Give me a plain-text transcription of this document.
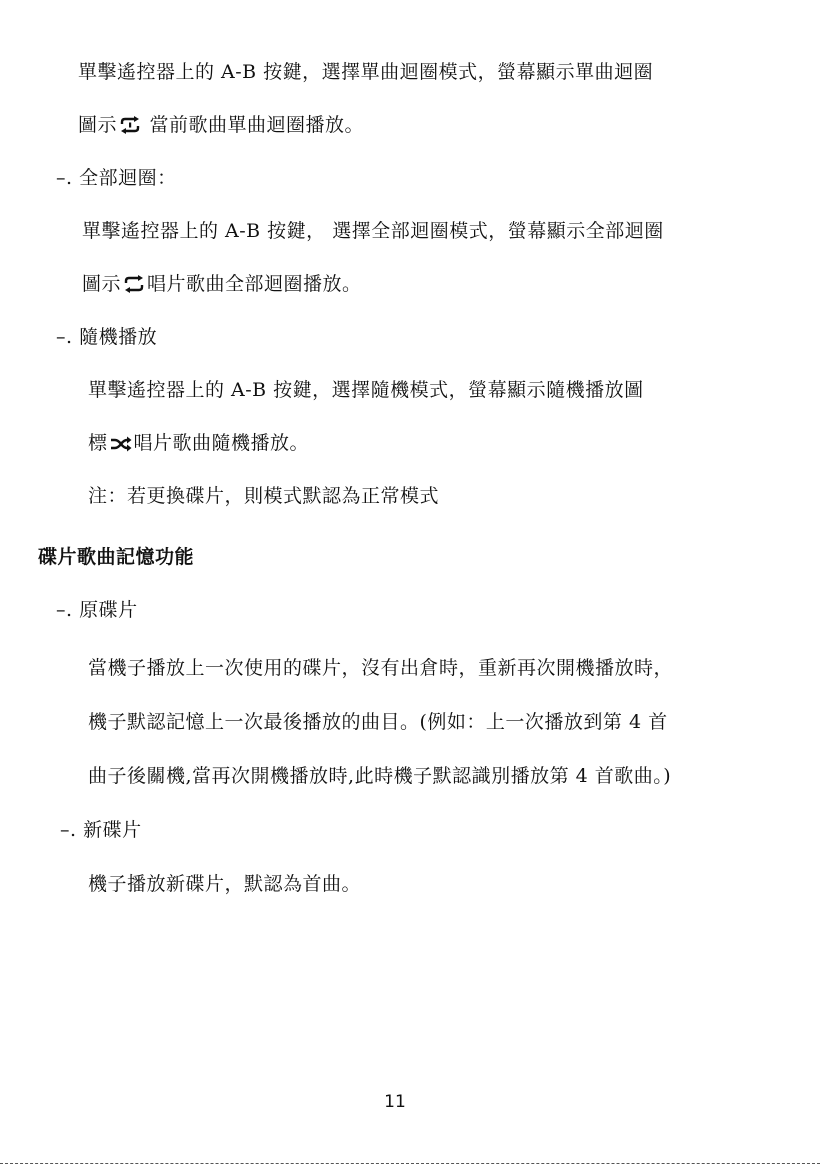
單擊遙控器上的 A-B 按鍵，選擇單曲迴圈模式，螢幕顯示單曲迴圈
圖示 當前歌曲單曲迴圈播放。
–. 全部迴圈：
單擊遙控器上的 A-B 按鍵， 選擇全部迴圈模式，螢幕顯示全部迴圈
圖示 唱片歌曲全部迴圈播放。
–. 隨機播放
單擊遙控器上的 A-B 按鍵，選擇隨機模式，螢幕顯示隨機播放圖
標 唱片歌曲隨機播放。
注：若更換碟片，則模式默認為正常模式
碟片歌曲記憶功能
–. 原碟片
當機子播放上一次使用的碟片，沒有出倉時，重新再次開機播放時，
機子默認記憶上一次最後播放的曲目。(例如：上一次播放到第 4 首
曲子後關機,當再次開機播放時,此時機子默認識別播放第 4 首歌曲。)
–. 新碟片
機子播放新碟片，默認為首曲。
11
